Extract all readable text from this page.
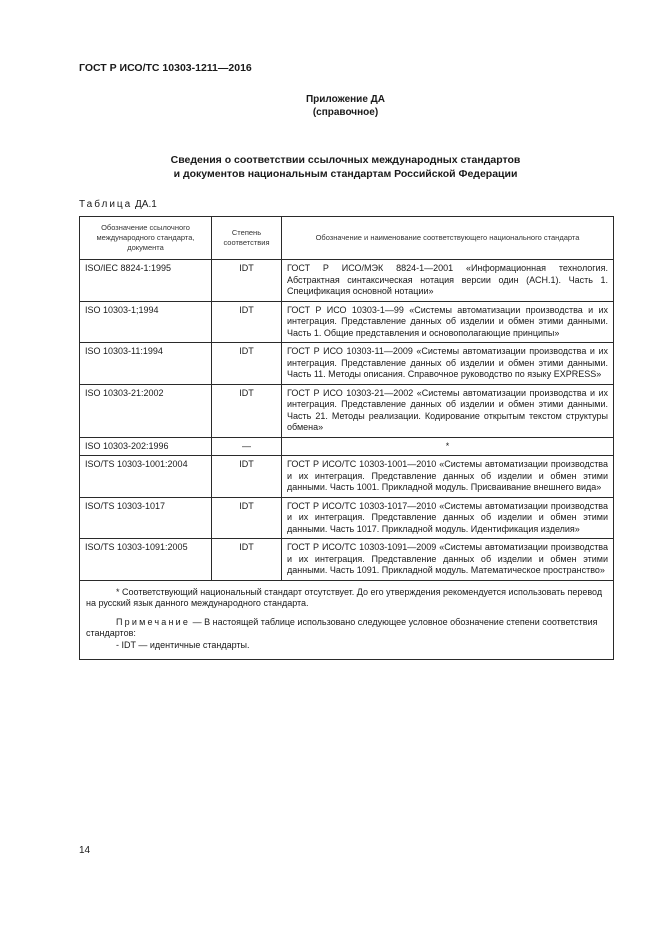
ГОСТ Р ИСО/ТС 10303-1211—2016
Приложение ДА
(справочное)
Сведения о соответствии ссылочных международных стандартов
и документов национальным стандартам Российской Федерации
Таблица ДА.1
Обозначение ссылочного международного стандарта, документа	Степень соответствия	Обозначение и наименование соответствующего национального стандарта
ISO/IEC 8824-1:1995	IDT	ГОСТ Р ИСО/МЭК 8824-1—2001 «Информационная технология. Абстрактная синтаксическая нотация версии один (АСН.1). Часть 1. Спецификация основной нотации»
ISO 10303-1;1994	IDT	ГОСТ Р ИСО 10303-1—99 «Системы автоматизации производства и их интеграция. Представление данных об изделии и обмен этими данными. Часть 1. Общие представления и основополагающие принципы»
ISO 10303-11:1994	IDT	ГОСТ Р ИСО 10303-11—2009 «Системы автоматизации производства и их интеграция. Представление данных об изделии и обмен этими данными. Часть 11. Методы описания. Справочное руководство по языку EXPRESS»
ISO 10303-21:2002	IDT	ГОСТ Р ИСО 10303-21—2002 «Системы автоматизации производства и их интеграция. Представление данных об изделии и обмен этими данными. Часть 21. Методы реализации. Кодирование открытым текстом структуры обмена»
ISO 10303-202:1996	—	*
ISO/TS 10303-1001:2004	IDT	ГОСТ Р ИСО/ТС 10303-1001—2010 «Системы автоматизации производства и их интеграция. Представление данных об изделии и обмен этими данными. Часть 1001. Прикладной модуль. Присваивание внешнего вида»
ISO/TS 10303-1017	IDT	ГОСТ Р ИСО/ТС 10303-1017—2010 «Системы автоматизации производства и их интеграция. Представление данных об изделии и обмен этими данными. Часть 1017. Прикладной модуль. Идентификация изделия»
ISO/TS 10303-1091:2005	IDT	ГОСТ Р ИСО/ТС 10303-1091—2009 «Системы автоматизации производства и их интеграция. Представление данных об изделии и обмен этими данными. Часть 1091. Прикладной модуль. Математическое пространство»

* Соответствующий национальный стандарт отсутствует. До его утверждения рекомендуется использовать перевод на русский язык данного международного стандарта.

Примечание — В настоящей таблице использовано следующее условное обозначение степени соответствия стандартов:

- IDT — идентичные стандарты.		

14
